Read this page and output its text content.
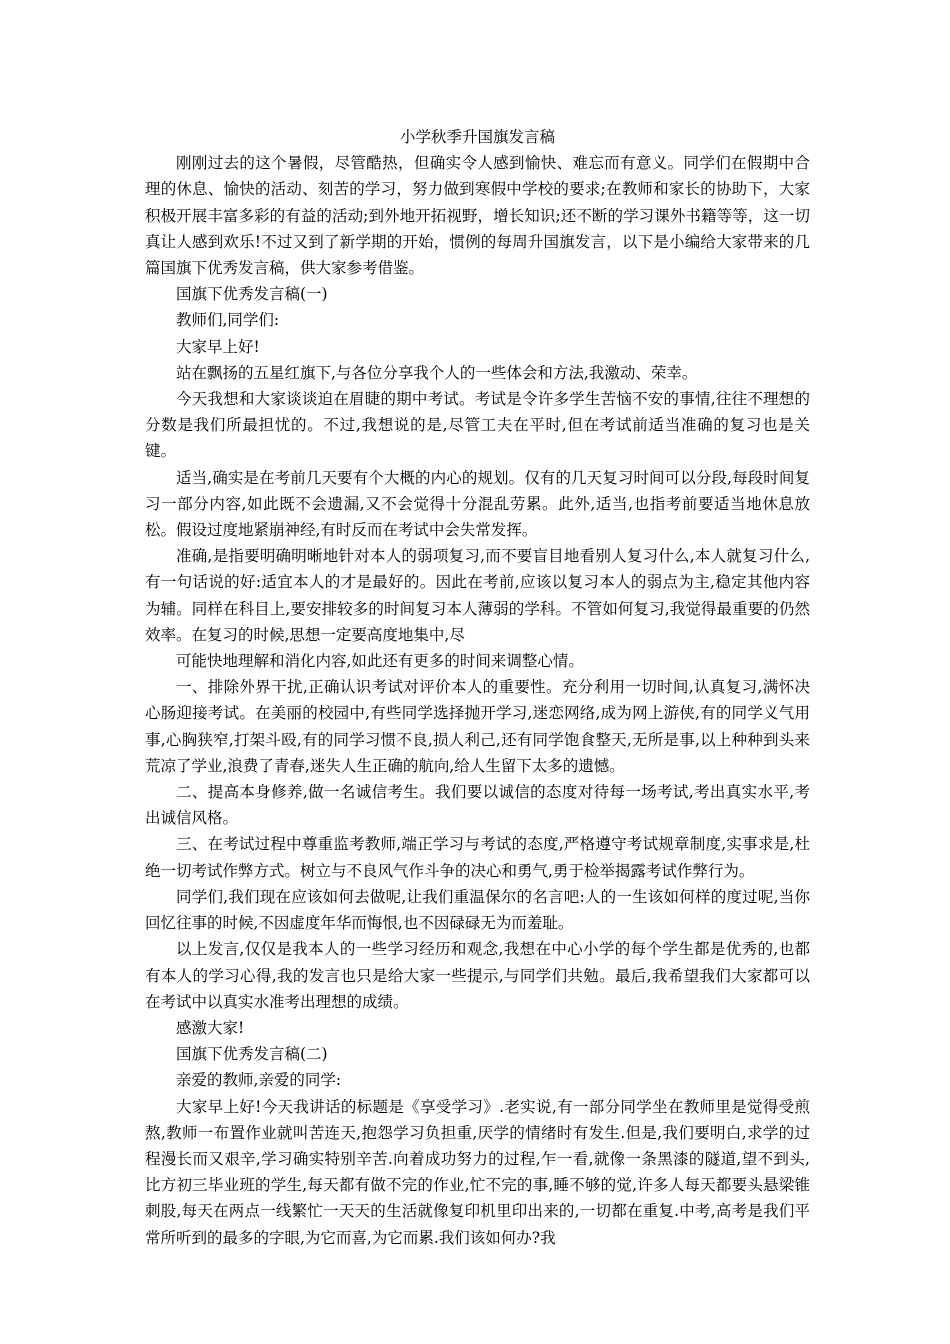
小学秋季升国旗发言稿

刚刚过去的这个暑假，尽管酷热，但确实令人感到愉快、难忘而有意义。同学们在假期中合理的休息、愉快的活动、刻苦的学习，努力做到寒假中学校的要求;在教师和家长的协助下，大家积极开展丰富多彩的有益的活动;到外地开拓视野，增长知识;还不断的学习课外书籍等等，这一切真让人感到欢乐!不过又到了新学期的开始，惯例的每周升国旗发言，以下是小编给大家带来的几篇国旗下优秀发言稿，供大家参考借鉴。

国旗下优秀发言稿(一)

教师们,同学们:

大家早上好!

站在飘扬的五星红旗下,与各位分享我个人的一些体会和方法,我激动、荣幸。

今天我想和大家谈谈迫在眉睫的期中考试。考试是令许多学生苦恼不安的事情,往往不理想的分数是我们所最担忧的。不过,我想说的是,尽管工夫在平时,但在考试前适当准确的复习也是关键。

适当,确实是在考前几天要有个大概的内心的规划。仅有的几天复习时间可以分段,每段时间复习一部分内容,如此既不会遗漏,又不会觉得十分混乱劳累。此外,适当,也指考前要适当地休息放松。假设过度地紧崩神经,有时反而在考试中会失常发挥。

准确,是指要明确明晰地针对本人的弱项复习,而不要盲目地看别人复习什么,本人就复习什么,有一句话说的好:适宜本人的才是最好的。因此在考前,应该以复习本人的弱点为主,稳定其他内容为辅。同样在科目上,要安排较多的时间复习本人薄弱的学科。不管如何复习,我觉得最重要的仍然效率。在复习的时候,思想一定要高度地集中,尽

可能快地理解和消化内容,如此还有更多的时间来调整心情。

一、排除外界干扰,正确认识考试对评价本人的重要性。充分利用一切时间,认真复习,满怀决心肠迎接考试。在美丽的校园中,有些同学选择抛开学习,迷恋网络,成为网上游侠,有的同学义气用事,心胸狭窄,打架斗殴,有的同学习惯不良,损人利己,还有同学饱食整天,无所是事,以上种种到头来荒凉了学业,浪费了青春,迷失人生正确的航向,给人生留下太多的遗憾。

二、提高本身修养,做一名诚信考生。我们要以诚信的态度对待每一场考试,考出真实水平,考出诚信风格。

三、在考试过程中尊重监考教师,端正学习与考试的态度,严格遵守考试规章制度,实事求是,杜绝一切考试作弊方式。树立与不良风气作斗争的决心和勇气,勇于检举揭露考试作弊行为。

同学们,我们现在应该如何去做呢,让我们重温保尔的名言吧:人的一生该如何样的度过呢,当你回忆往事的时候,不因虚度年华而悔恨,也不因碌碌无为而羞耻。

以上发言,仅仅是我本人的一些学习经历和观念,我想在中心小学的每个学生都是优秀的,也都有本人的学习心得,我的发言也只是给大家一些提示,与同学们共勉。最后,我希望我们大家都可以在考试中以真实水准考出理想的成绩。

感激大家!

国旗下优秀发言稿(二)

亲爱的教师,亲爱的同学:

大家早上好!今天我讲话的标题是《享受学习》.老实说,有一部分同学坐在教师里是觉得受煎熬,教师一布置作业就叫苦连天,抱怨学习负担重,厌学的情绪时有发生.但是,我们要明白,求学的过程漫长而又艰辛,学习确实特别辛苦.向着成功努力的过程,乍一看,就像一条黑漆的隧道,望不到头,比方初三毕业班的学生,每天都有做不完的作业,忙不完的事,睡不够的觉,许多人每天都要头悬梁锥刺股,每天在两点一线繁忙一天天的生活就像复印机里印出来的,一切都在重复.中考,高考是我们平常所听到的最多的字眼,为它而喜,为它而累.我们该如何办?我
